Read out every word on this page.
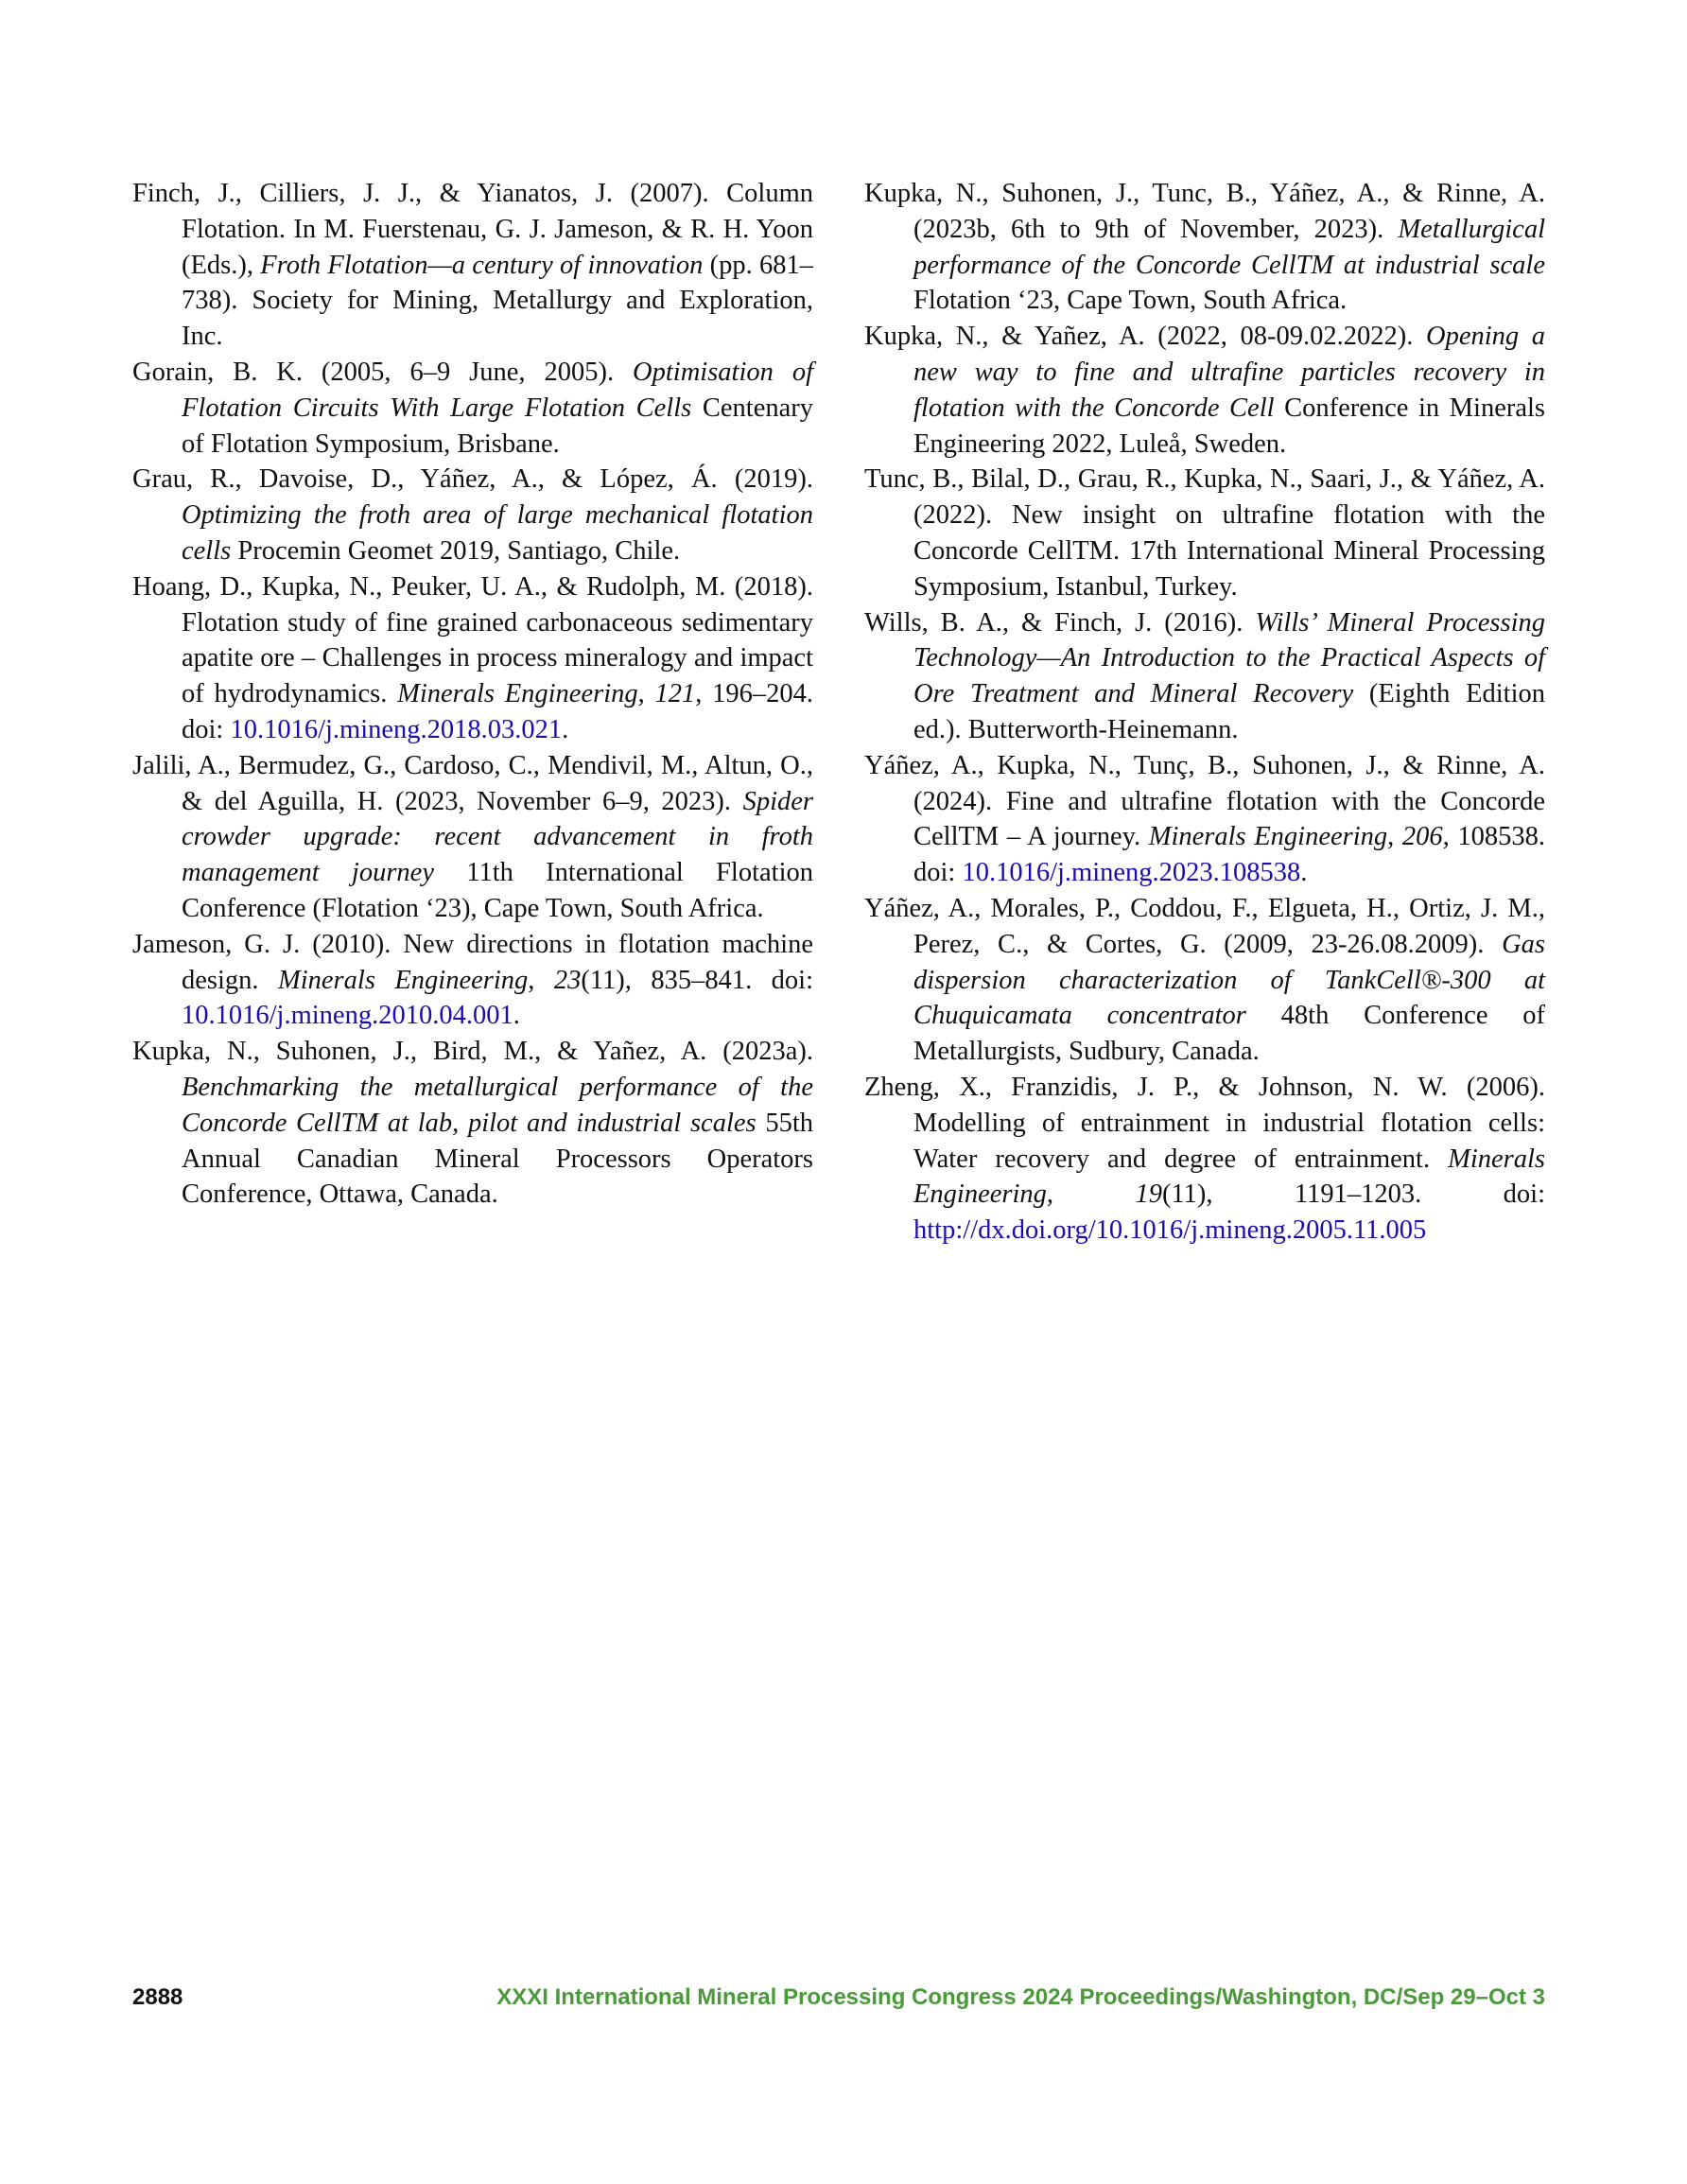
Finch, J., Cilliers, J. J., & Yianatos, J. (2007). Column Flotation. In M. Fuerstenau, G. J. Jameson, & R. H. Yoon (Eds.), Froth Flotation—a century of innovation (pp. 681–738). Society for Mining, Metallurgy and Exploration, Inc.

Gorain, B. K. (2005, 6–9 June, 2005). Optimisation of Flotation Circuits With Large Flotation Cells Centenary of Flotation Symposium, Brisbane.

Grau, R., Davoise, D., Yáñez, A., & López, Á. (2019). Optimizing the froth area of large mechanical flotation cells Procemin Geomet 2019, Santiago, Chile.

Hoang, D., Kupka, N., Peuker, U. A., & Rudolph, M. (2018). Flotation study of fine grained carbonaceous sedimentary apatite ore – Challenges in process mineralogy and impact of hydrodynamics. Minerals Engineering, 121, 196–204. doi: 10.1016/j.mineng.2018.03.021.

Jalili, A., Bermudez, G., Cardoso, C., Mendivil, M., Altun, O., & del Aguilla, H. (2023, November 6–9, 2023). Spider crowder upgrade: recent advancement in froth management journey 11th International Flotation Conference (Flotation ‘23), Cape Town, South Africa.

Jameson, G. J. (2010). New directions in flotation machine design. Minerals Engineering, 23(11), 835–841. doi: 10.1016/j.mineng.2010.04.001.

Kupka, N., Suhonen, J., Bird, M., & Yañez, A. (2023a). Benchmarking the metallurgical performance of the Concorde CellTM at lab, pilot and industrial scales 55th Annual Canadian Mineral Processors Operators Conference, Ottawa, Canada.

Kupka, N., Suhonen, J., Tunc, B., Yáñez, A., & Rinne, A. (2023b, 6th to 9th of November, 2023). Metallurgical performance of the Concorde CellTM at industrial scale Flotation ‘23, Cape Town, South Africa.

Kupka, N., & Yañez, A. (2022, 08-09.02.2022). Opening a new way to fine and ultrafine particles recovery in flotation with the Concorde Cell Conference in Minerals Engineering 2022, Luleå, Sweden.

Tunc, B., Bilal, D., Grau, R., Kupka, N., Saari, J., & Yáñez, A. (2022). New insight on ultrafine flotation with the Concorde CellTM. 17th International Mineral Processing Symposium, Istanbul, Turkey.

Wills, B. A., & Finch, J. (2016). Wills’ Mineral Processing Technology—An Introduction to the Practical Aspects of Ore Treatment and Mineral Recovery (Eighth Edition ed.). Butterworth-Heinemann.

Yáñez, A., Kupka, N., Tunç, B., Suhonen, J., & Rinne, A. (2024). Fine and ultrafine flotation with the Concorde CellTM – A journey. Minerals Engineering, 206, 108538. doi: 10.1016/j.mineng.2023.108538.

Yáñez, A., Morales, P., Coddou, F., Elgueta, H., Ortiz, J. M., Perez, C., & Cortes, G. (2009, 23-26.08.2009). Gas dispersion characterization of TankCell®-300 at Chuquicamata concentrator 48th Conference of Metallurgists, Sudbury, Canada.

Zheng, X., Franzidis, J. P., & Johnson, N. W. (2006). Modelling of entrainment in industrial flotation cells: Water recovery and degree of entrainment. Minerals Engineering, 19(11), 1191–1203. doi: http://dx.doi.org/10.1016/j.mineng.2005.11.005

2888	XXXI International Mineral Processing Congress 2024 Proceedings/Washington, DC/Sep 29–Oct 3
